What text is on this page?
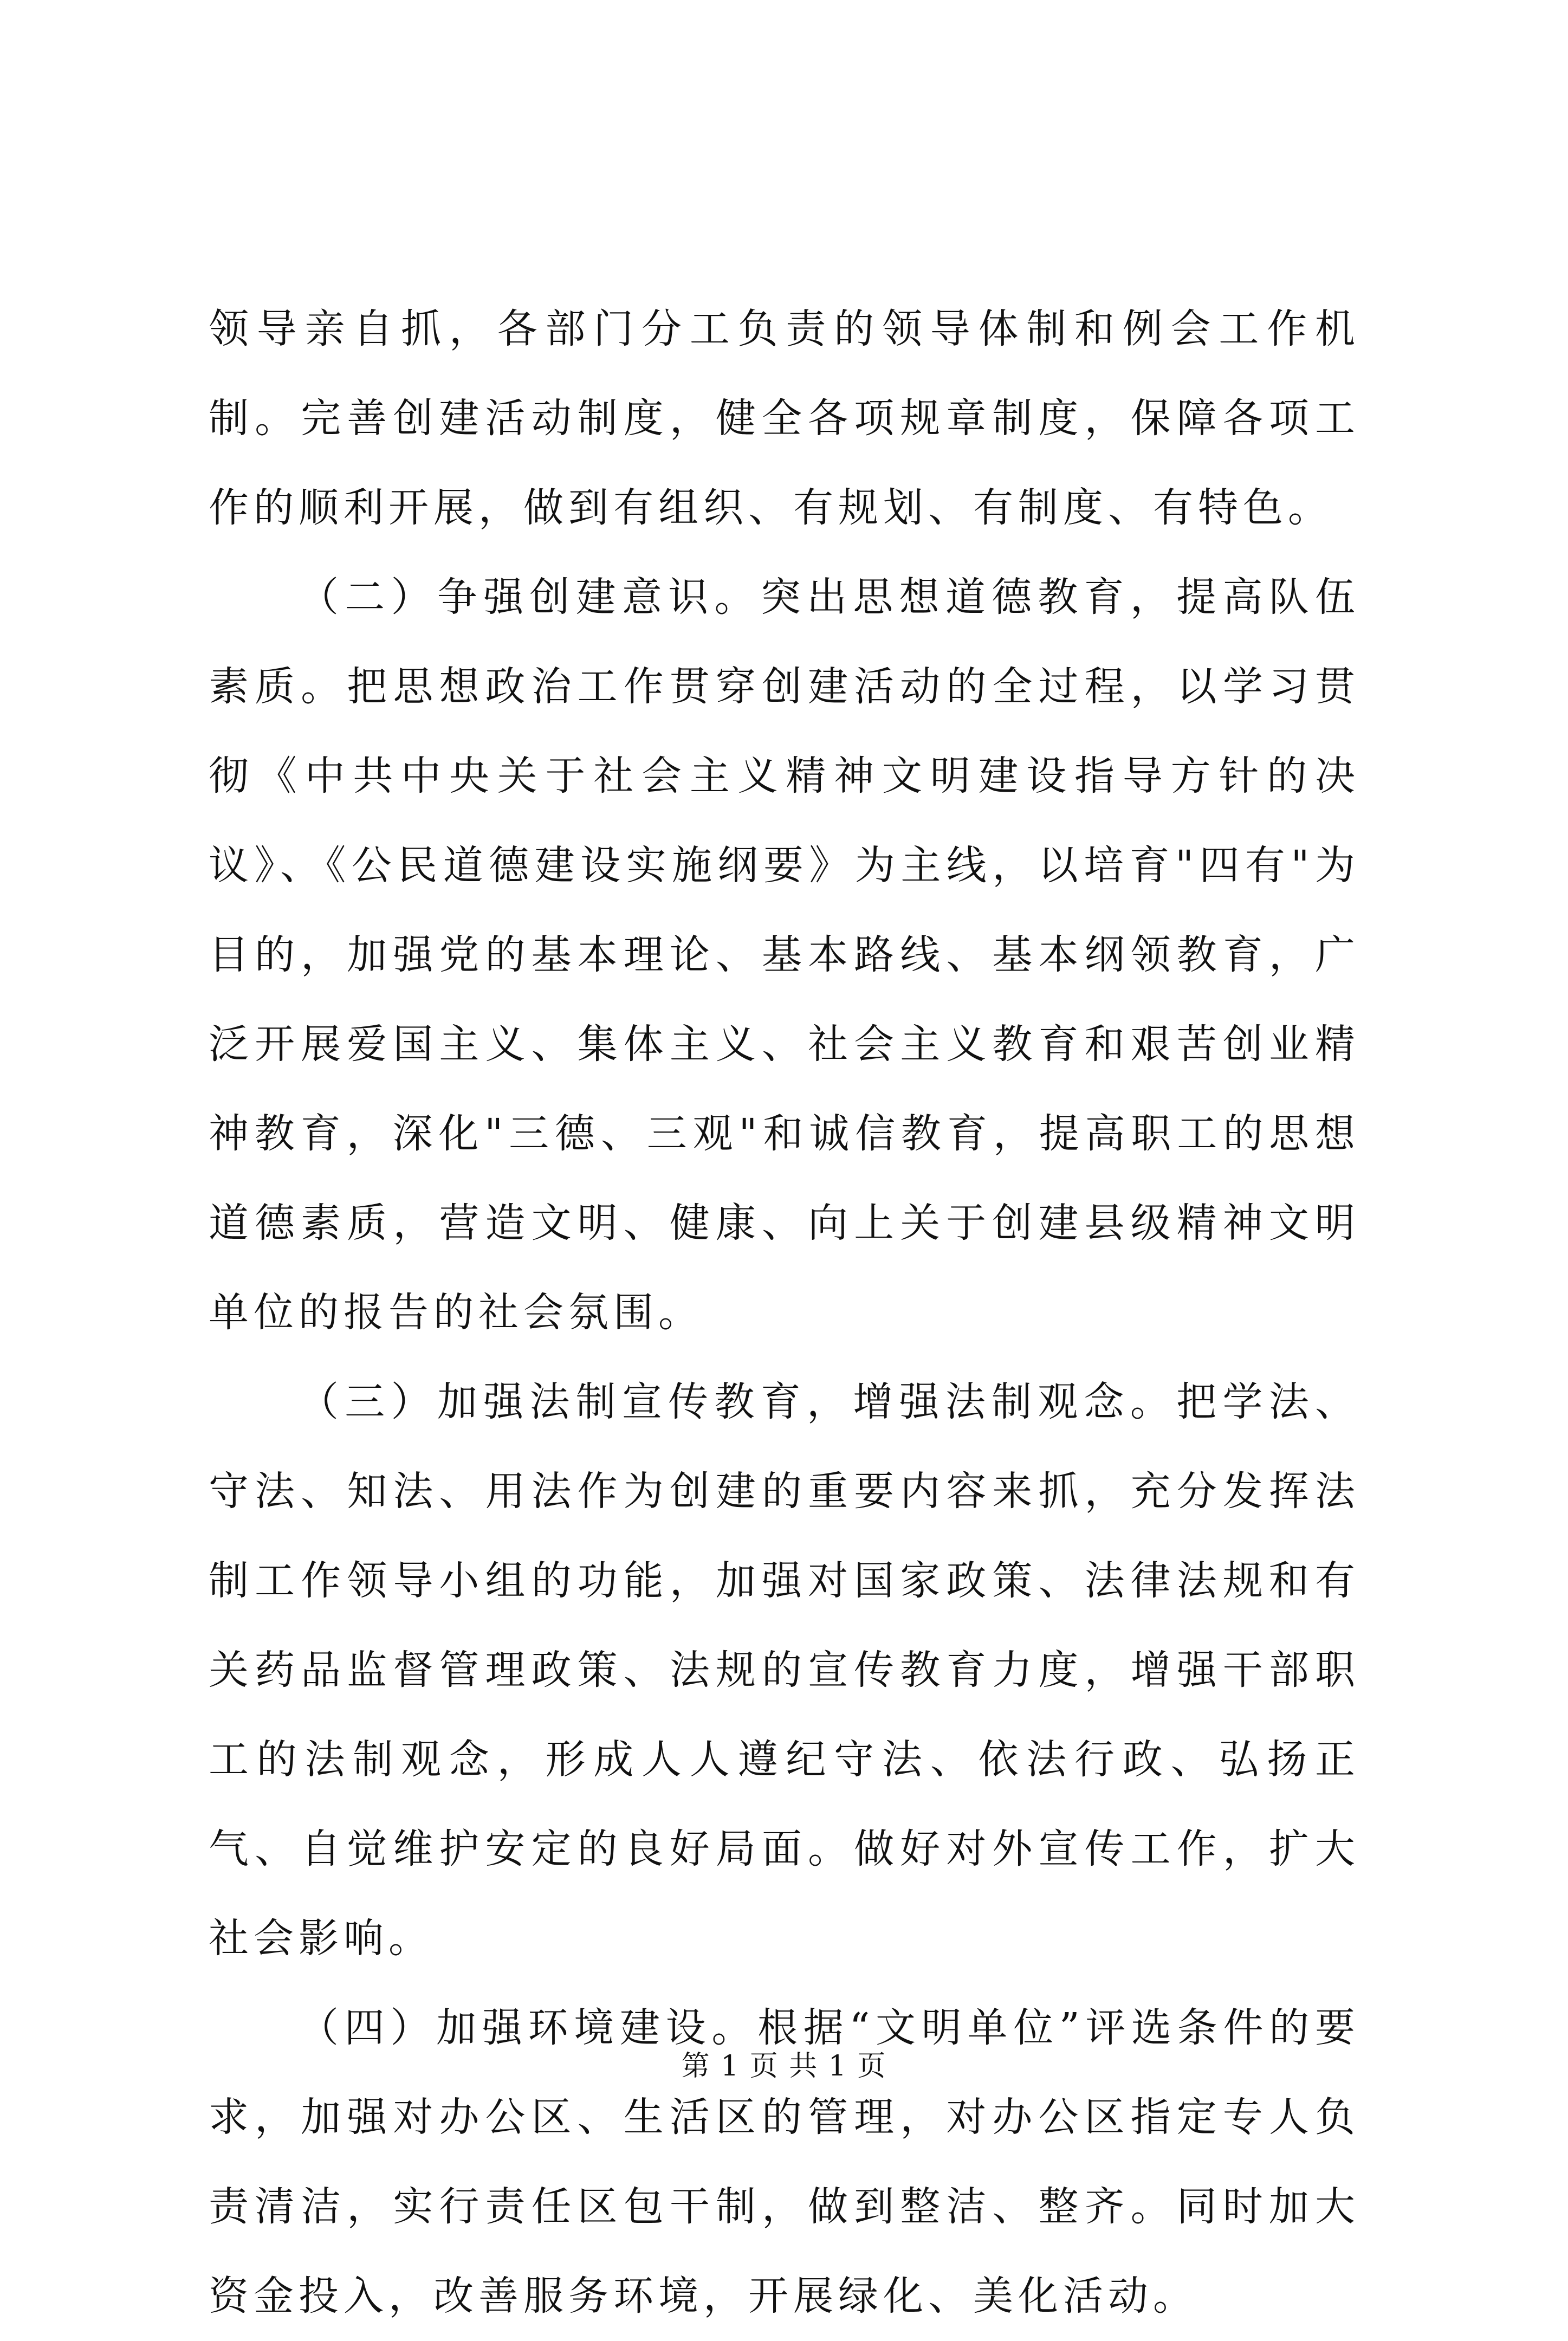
领导亲自抓，各部门分工负责的领导体制和例会工作机制。完善创建活动制度，健全各项规章制度，保障各项工作的顺利开展，做到有组织、有规划、有制度、有特色。

（二）争强创建意识。突出思想道德教育，提高队伍素质。把思想政治工作贯穿创建活动的全过程，以学习贯彻《中共中央关于社会主义精神文明建设指导方针的决议》、《公民道德建设实施纲要》为主线，以培育"四有"为目的，加强党的基本理论、基本路线、基本纲领教育，广泛开展爱国主义、集体主义、社会主义教育和艰苦创业精神教育，深化"三德、三观"和诚信教育，提高职工的思想道德素质，营造文明、健康、向上关于创建县级精神文明单位的报告的社会氛围。

（三）加强法制宣传教育，增强法制观念。把学法、守法、知法、用法作为创建的重要内容来抓，充分发挥法制工作领导小组的功能，加强对国家政策、法律法规和有关药品监督管理政策、法规的宣传教育力度，增强干部职工的法制观念，形成人人遵纪守法、依法行政、弘扬正气、自觉维护安定的良好局面。做好对外宣传工作，扩大社会影响。

（四）加强环境建设。根据“文明单位”评选条件的要求，加强对办公区、生活区的管理，对办公区指定专人负责清洁，实行责任区包干制，做到整洁、整齐。同时加大资金投入，改善服务环境，开展绿化、美化活动。

第 1 页 共 1 页
